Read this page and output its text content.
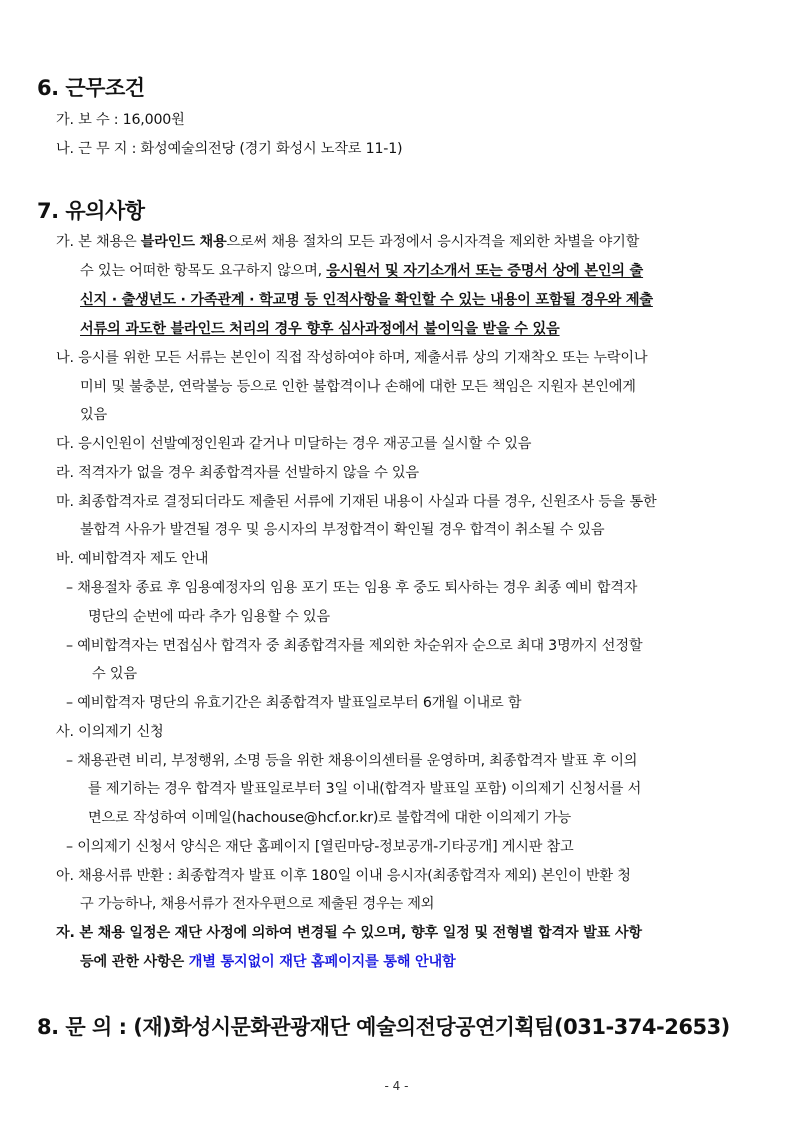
6. 근무조건
가. 보 수 : 16,000원
나. 근 무 지 : 화성예술의전당 (경기 화성시 노작로 11-1)
7. 유의사항
가. 본 채용은 블라인드 채용으로써 채용 절차의 모든 과정에서 응시자격을 제외한 차별을 야기할
수 있는 어떠한 항목도 요구하지 않으며, 응시원서 및 자기소개서 또는 증명서 상에 본인의 출
신지 · 출생년도 · 가족관계 · 학교명 등 인적사항을 확인할 수 있는 내용이 포함될 경우와 제출
서류의 과도한 블라인드 처리의 경우 향후 심사과정에서 불이익을 받을 수 있음
나. 응시를 위한 모든 서류는 본인이 직접 작성하여야 하며, 제출서류 상의 기재착오 또는 누락이나
미비 및 불충분, 연락불능 등으로 인한 불합격이나 손해에 대한 모든 책임은 지원자 본인에게
있음
다. 응시인원이 선발예정인원과 같거나 미달하는 경우 재공고를 실시할 수 있음
라. 적격자가 없을 경우 최종합격자를 선발하지 않을 수 있음
마. 최종합격자로 결정되더라도 제출된 서류에 기재된 내용이 사실과 다를 경우, 신원조사 등을 통한
불합격 사유가 발견될 경우 및 응시자의 부정합격이 확인될 경우 합격이 취소될 수 있음
바. 예비합격자 제도 안내
– 채용절차 종료 후 임용예정자의 임용 포기 또는 임용 후 중도 퇴사하는 경우 최종 예비 합격자
명단의 순번에 따라 추가 임용할 수 있음
– 예비합격자는 면접심사 합격자 중 최종합격자를 제외한 차순위자 순으로 최대 3명까지 선정할
수 있음
– 예비합격자 명단의 유효기간은 최종합격자 발표일로부터 6개월 이내로 함
사. 이의제기 신청
– 채용관련 비리, 부정행위, 소명 등을 위한 채용이의센터를 운영하며, 최종합격자 발표 후 이의
를 제기하는 경우 합격자 발표일로부터 3일 이내(합격자 발표일 포함) 이의제기 신청서를 서
면으로 작성하여 이메일(hachouse@hcf.or.kr)로 불합격에 대한 이의제기 가능
– 이의제기 신청서 양식은 재단 홈페이지 [열린마당-정보공개-기타공개] 게시판 참고
아. 채용서류 반환 : 최종합격자 발표 이후 180일 이내 응시자(최종합격자 제외) 본인이 반환 청
구 가능하나, 채용서류가 전자우편으로 제출된 경우는 제외
자. 본 채용 일정은 재단 사정에 의하여 변경될 수 있으며, 향후 일정 및 전형별 합격자 발표 사항
등에 관한 사항은 개별 통지없이 재단 홈페이지를 통해 안내함
8. 문 의 : (재)화성시문화관광재단 예술의전당공연기획팀(031-374-2653)
- 4 -
